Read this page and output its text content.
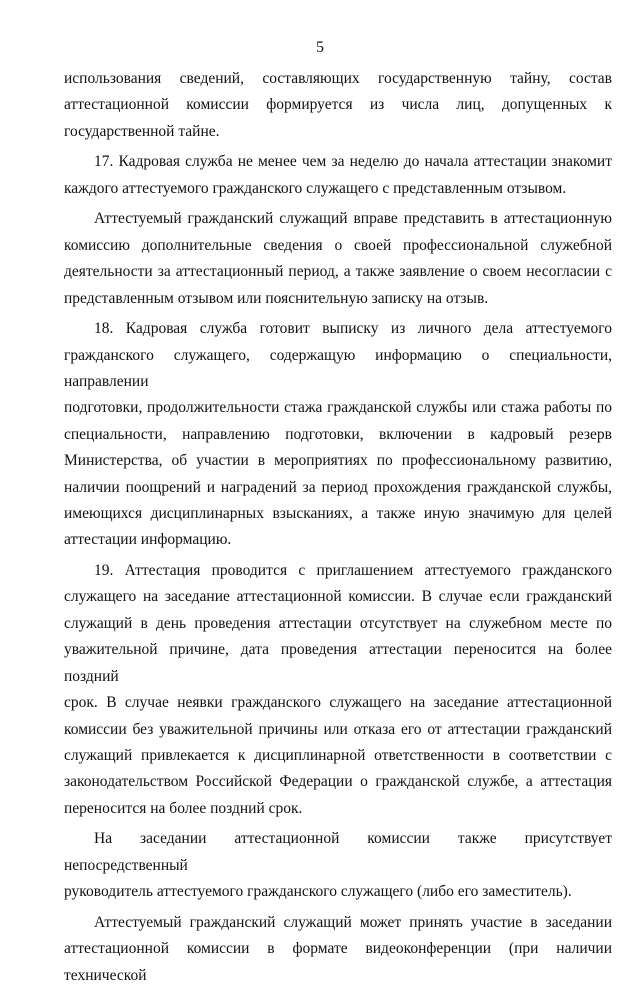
5

использования сведений, составляющих государственную тайну, состав

аттестационной комиссии формируется из числа лиц, допущенных к

государственной тайне.

17. Кадровая служба не менее чем за неделю до начала аттестации знакомит

каждого аттестуемого гражданского служащего с представленным отзывом.

Аттестуемый гражданский служащий вправе представить в аттестационную

комиссию дополнительные сведения о своей профессиональной служебной

деятельности за аттестационный период, а также заявление о своем несогласии с

представленным отзывом или пояснительную записку на отзыв.

18. Кадровая служба готовит выписку из личного дела аттестуемого

гражданского служащего, содержащую информацию о специальности, направлении

подготовки, продолжительности стажа гражданской службы или стажа работы по

специальности, направлению подготовки, включении в кадровый резерв

Министерства, об участии в мероприятиях по профессиональному развитию,

наличии поощрений и наградений за период прохождения гражданской службы,

имеющихся дисциплинарных взысканиях, а также иную значимую для целей

аттестации информацию.

19. Аттестация проводится с приглашением аттестуемого гражданского

служащего на заседание аттестационной комиссии. В случае если гражданский

служащий в день проведения аттестации отсутствует на служебном месте по

уважительной причине, дата проведения аттестации переносится на более поздний

срок. В случае неявки гражданского служащего на заседание аттестационной

комиссии без уважительной причины или отказа его от аттестации гражданский

служащий привлекается к дисциплинарной ответственности в соответствии с

законодательством Российской Федерации о гражданской службе, а аттестация

переносится на более поздний срок.

На заседании аттестационной комиссии также присутствует непосредственный

руководитель аттестуемого гражданского служащего (либо его заместитель).

Аттестуемый гражданский служащий может принять участие в заседании

аттестационной комиссии в формате видеоконференции (при наличии технической
